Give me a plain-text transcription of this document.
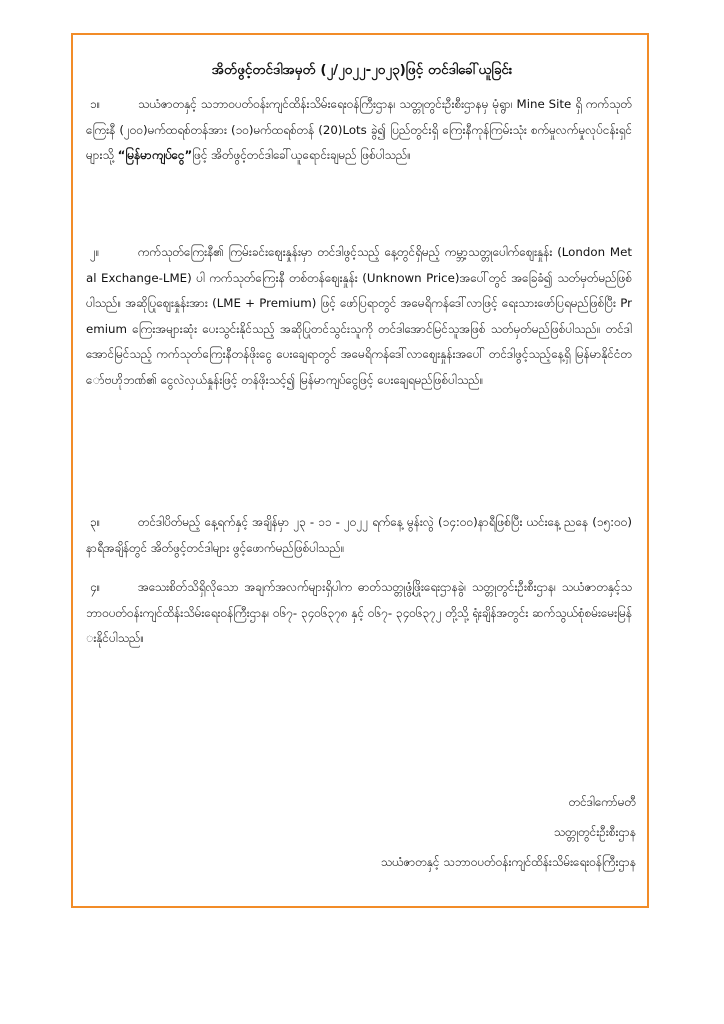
အိတ်ဖွင့်တင်ဒါအမှတ် (၂/၂၀၂၂-၂၀၂၃)ဖြင့် တင်ဒါခေါ်ယူခြင်း
၁။	သယံဇာတနှင့် သဘာဝပတ်ဝန်းကျင်ထိန်းသိမ်းရေးဝန်ကြီးဌာန၊ သတ္တုတွင်းဦးစီးဌာနမှ မုံရွာ၊ Mine Site ရှိ ကက်သုတ်ကြေးနီ (၂၀၀)မက်ထရစ်တန်အား (၁၀)မက်ထရစ်တန် (20)Lots ခွဲ၍ ပြည်တွင်းရှိ ကြေးနီကုန်ကြမ်းသုံး စက်မှုလက်မှုလုပ်ငန်းရှင်များသို့ “မြန်မာကျပ်ငွေ”ဖြင့် အိတ်ဖွင့်တင်ဒါခေါ်ယူရောင်းချမည် ဖြစ်ပါသည်။
၂။	ကက်သုတ်ကြေးနီ၏ ကြမ်းခင်းဈေးနှုန်းမှာ တင်ဒါဖွင့်သည့် နေ့တွင်ရှိမည့် ကမ္ဘာ့သတ္တုပေါက်ဈေးနှုန်း (London Metal Exchange-LME) ပါ ကက်သုတ်ကြေးနီ တစ်တန်ဈေးနှုန်း (Unknown Price)အပေါ်တွင် အခြေခံ၍ သတ်မှတ်မည်ဖြစ်ပါသည်။ အဆိုပြုဈေးနှုန်းအား (LME + Premium) ဖြင့် ဖော်ပြရာတွင် အမေရိကန်ဒေါ်လာဖြင့် ရေးသားဖော်ပြရမည်ဖြစ်ပြီး Premium ကြေးအများဆုံး ပေးသွင်းနိုင်သည့် အဆိုပြုတင်သွင်းသူကို တင်ဒါအောင်မြင်သူအဖြစ် သတ်မှတ်မည်ဖြစ်ပါသည်။ တင်ဒါအောင်မြင်သည့် ကက်သုတ်ကြေးနီတန်ဖိုးငွေ ပေးချေရာတွင် အမေရိကန်ဒေါ်လာဈေးနှုန်းအပေါ် တင်ဒါဖွင့်သည့်နေ့ရှိ မြန်မာနိုင်ငံတော်ဗဟိုဘဏ်၏ ငွေလဲလှယ်နှုန်းဖြင့် တန်ဖိုးသင့်၍ မြန်မာကျပ်ငွေဖြင့် ပေးချေရမည်ဖြစ်ပါသည်။
၃။	တင်ဒါပိတ်မည့် နေ့ရက်နှင့် အချိန်မှာ ၂၃ - ၁၁ - ၂၀၂၂ ရက်နေ့ မွန်းလွဲ (၁၄:၀၀)နာရီဖြစ်ပြီး ယင်းနေ့ ညနေ (၁၅:၀၀) နာရီအချိန်တွင် အိတ်ဖွင့်တင်ဒါများ ဖွင့်ဖောက်မည်ဖြစ်ပါသည်။
၄။	အသေးစိတ်သိရှိလိုသော အချက်အလက်များရှိပါက ဓာတ်သတ္တုဖွံ့ဖြိုးရေးဌာနခွဲ၊ သတ္တုတွင်းဦးစီးဌာန၊ သယံဇာတနှင့်သဘာဝပတ်ဝန်းကျင်ထိန်းသိမ်းရေးဝန်ကြီးဌာန၊ ၀၆၇- ၃၄၀၆၃၇၈ နှင့် ၀၆၇- ၃၄၀၆၃၇၂ တို့သို့ ရုံးချိန်အတွင်း ဆက်သွယ်စုံစမ်းမေးမြန်းနိုင်ပါသည်။
တင်ဒါကော်မတီ
သတ္တုတွင်းဦးစီးဌာန
သယံဇာတနှင့် သဘာဝပတ်ဝန်းကျင်ထိန်းသိမ်းရေးဝန်ကြီးဌာန
